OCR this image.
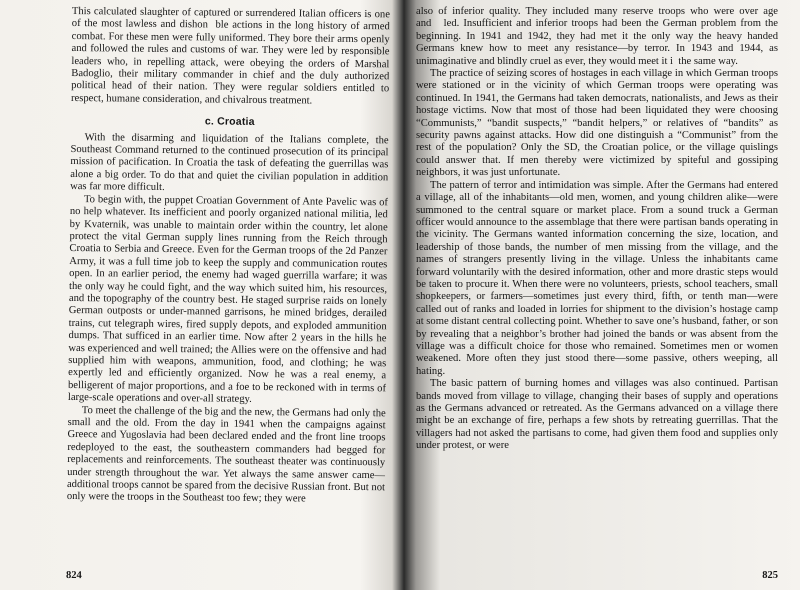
This calculated slaughter of captured or surrendered Italian officers is one of the most lawless and dishon  ble actions in the long history of armed combat. For these men were fully uniformed. They bore their arms openly and followed the rules and customs of war. They were led by responsible leaders who, in repelling attack, were obeying the orders of Marshal Badoglio, their military commander in chief and the duly authorized political head of their nation. They were regular soldiers entitled to respect, humane consideration, and chivalrous treatment.

c. Croatia

With the disarming and liquidation of the Italians complete, the Southeast Command returned to the continued prosecution of its principal mission of pacification. In Croatia the task of defeating the guerrillas was alone a big order. To do that and quiet the civilian population in addition was far more difficult.

To begin with, the puppet Croatian Government of Ante Pavelic was of no help whatever. Its inefficient and poorly organized national militia, led by Kvaternik, was unable to maintain order within the country, let alone protect the vital German supply lines running from the Reich through Croatia to Serbia and Greece. Even for the German troops of the 2d Panzer Army, it was a full time job to keep the supply and communication routes open. In an earlier period, the enemy had waged guerrilla warfare; it was the only way he could fight, and the way which suited him, his resources, and the topography of the country best. He staged surprise raids on lonely German outposts or under-manned garrisons, he mined bridges, derailed trains, cut telegraph wires, fired supply depots, and exploded ammunition dumps. That sufficed in an earlier time. Now after 2 years in the hills he was experienced and well trained; the Allies were on the offensive and had supplied him with weapons, ammunition, food, and clothing; he was expertly led and efficiently organized. Now he was a real enemy, a belligerent of major proportions, and a foe to be reckoned with in terms of large-scale operations and over-all strategy.

To meet the challenge of the big and the new, the Germans had only the small and the old. From the day in 1941 when the campaigns against Greece and Yugoslavia had been declared ended and the front line troops redeployed to the east, the southeastern commanders had begged for replacements and reinforcements. The southeast theater was continuously under strength throughout the war. Yet always the same answer came—additional troops cannot be spared from the decisive Russian front. But not only were the troops in the Southeast too few; they were

824

also of inferior quality. They included many reserve troops who were over age and   led. Insufficient and inferior troops had been the German problem from the beginning. In 1941 and 1942, they had met it the only way the heavy handed Germans knew how to meet any resistance—by terror. In 1943 and 1944, as unimaginative and blindly cruel as ever, they would meet it i  the same way.

The practice of seizing scores of hostages in each village in which German troops were stationed or in the vicinity of which German troops were operating was continued. In 1941, the Germans had taken democrats, nationalists, and Jews as their hostage victims. Now that most of those had been liquidated they were choosing “Communists,” “bandit suspects,” “bandit helpers,” or relatives of “bandits” as security pawns against attacks. How did one distinguish a “Communist” from the rest of the population? Only the SD, the Croatian police, or the village quislings could answer that. If men thereby were victimized by spiteful and gossiping neighbors, it was just unfortunate.

The pattern of terror and intimidation was simple. After the Germans had entered a village, all of the inhabitants—old men, women, and young children alike—were summoned to the central square or market place. From a sound truck a German officer would announce to the assemblage that there were partisan bands operating in the vicinity. The Germans wanted information concerning the size, location, and leadership of those bands, the number of men missing from the village, and the names of strangers presently living in the village. Unless the inhabitants came forward voluntarily with the desired information, other and more drastic steps would be taken to procure it. When there were no volunteers, priests, school teachers, small shopkeepers, or farmers—sometimes just every third, fifth, or tenth man—were called out of ranks and loaded in lorries for shipment to the division’s hostage camp at some distant central collecting point. Whether to save one’s husband, father, or son by revealing that a neighbor’s brother had joined the bands or was absent from the village was a difficult choice for those who remained. Sometimes men or women weakened. More often they just stood there—some passive, others weeping, all hating.

The basic pattern of burning homes and villages was also continued. Partisan bands moved from village to village, changing their bases of supply and operations as the Germans advanced or retreated. As the Germans advanced on a village there might be an exchange of fire, perhaps a few shots by retreating guerrillas. That the villagers had not asked the partisans to come, had given them food and supplies only under protest, or were

825
